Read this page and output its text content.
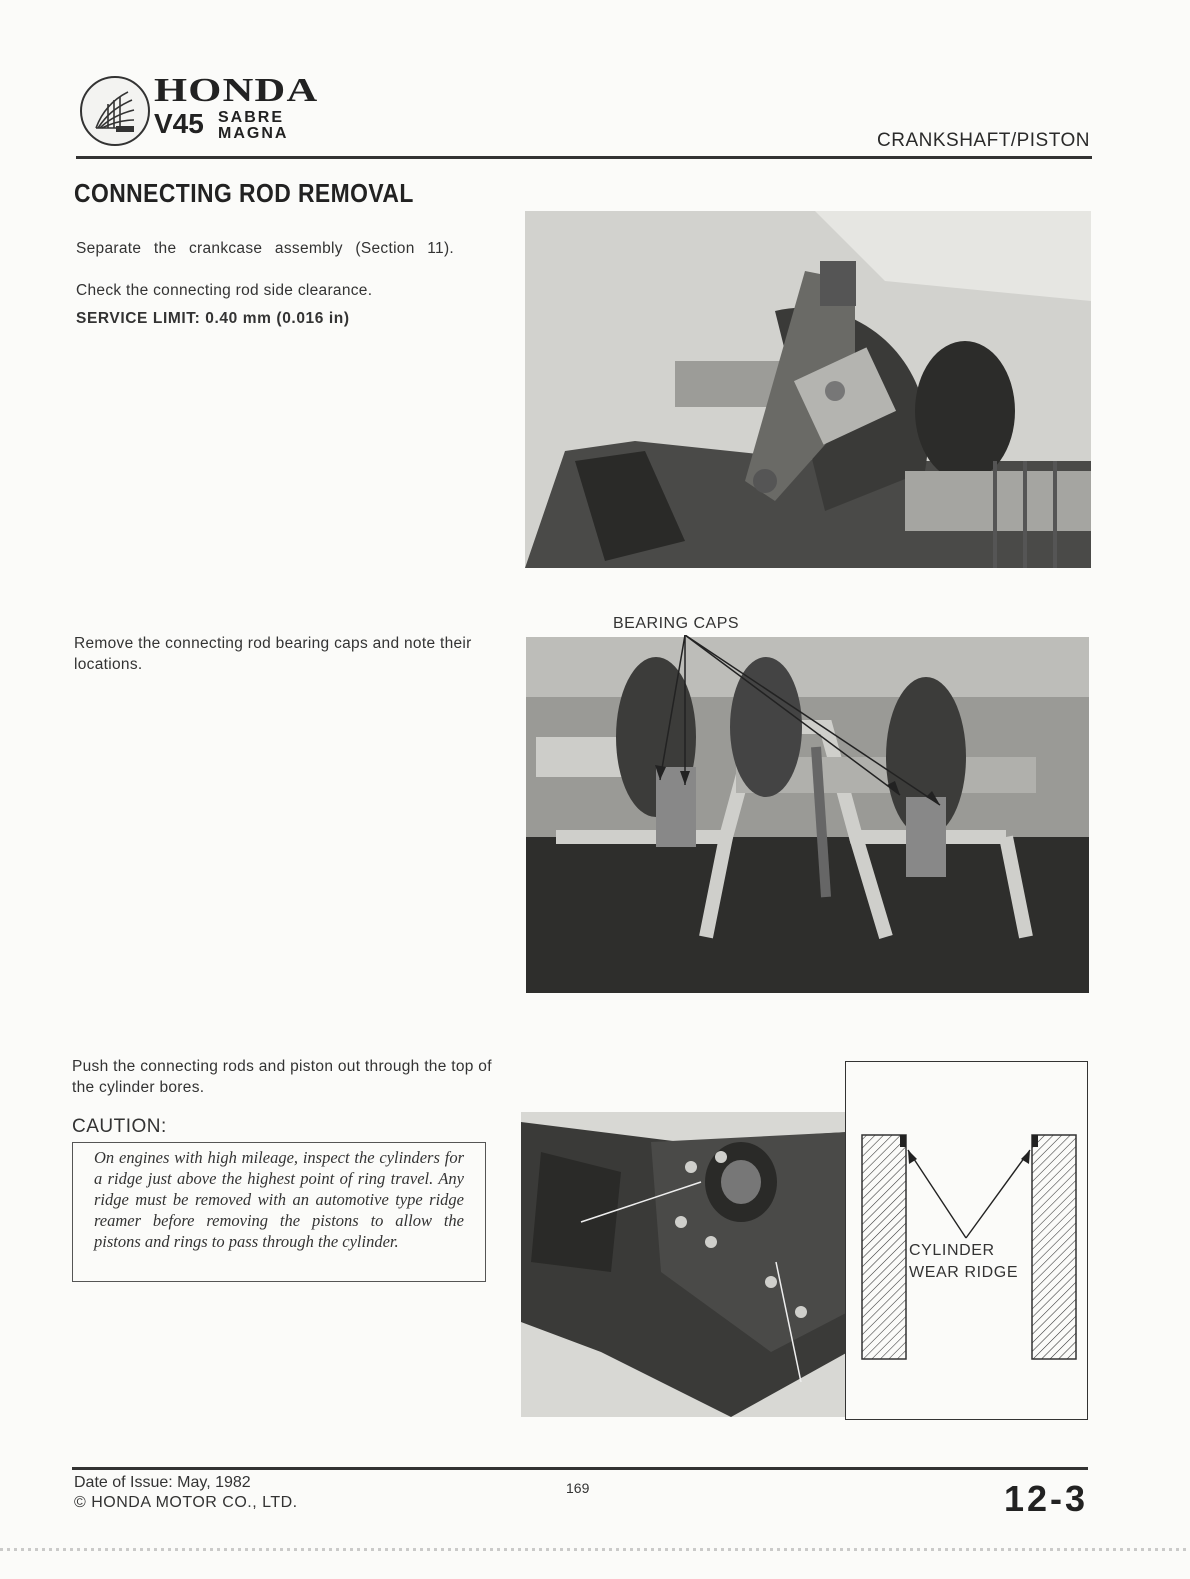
HONDA
V45 SABRE
MAGNA	CRANKSHAFT/PISTON
CONNECTING ROD REMOVAL
Separate the crankcase assembly (Section 11).
Check the connecting rod side clearance.
SERVICE LIMIT: 0.40 mm (0.016 in)
Remove the connecting rod bearing caps and note their locations.
Push the connecting rods and piston out through the top of the cylinder bores.
CAUTION:
On engines with high mileage, inspect the cylinders for a ridge just above the highest point of ring travel. Any ridge must be removed with an automotive type ridge reamer before removing the pistons to allow the
pistons and rings to pass through the cylinder.
BEARING CAPS
CYLINDER
WEAR RIDGE
Date of Issue: May, 1982
© HONDA MOTOR CO., LTD.
169	12-3
